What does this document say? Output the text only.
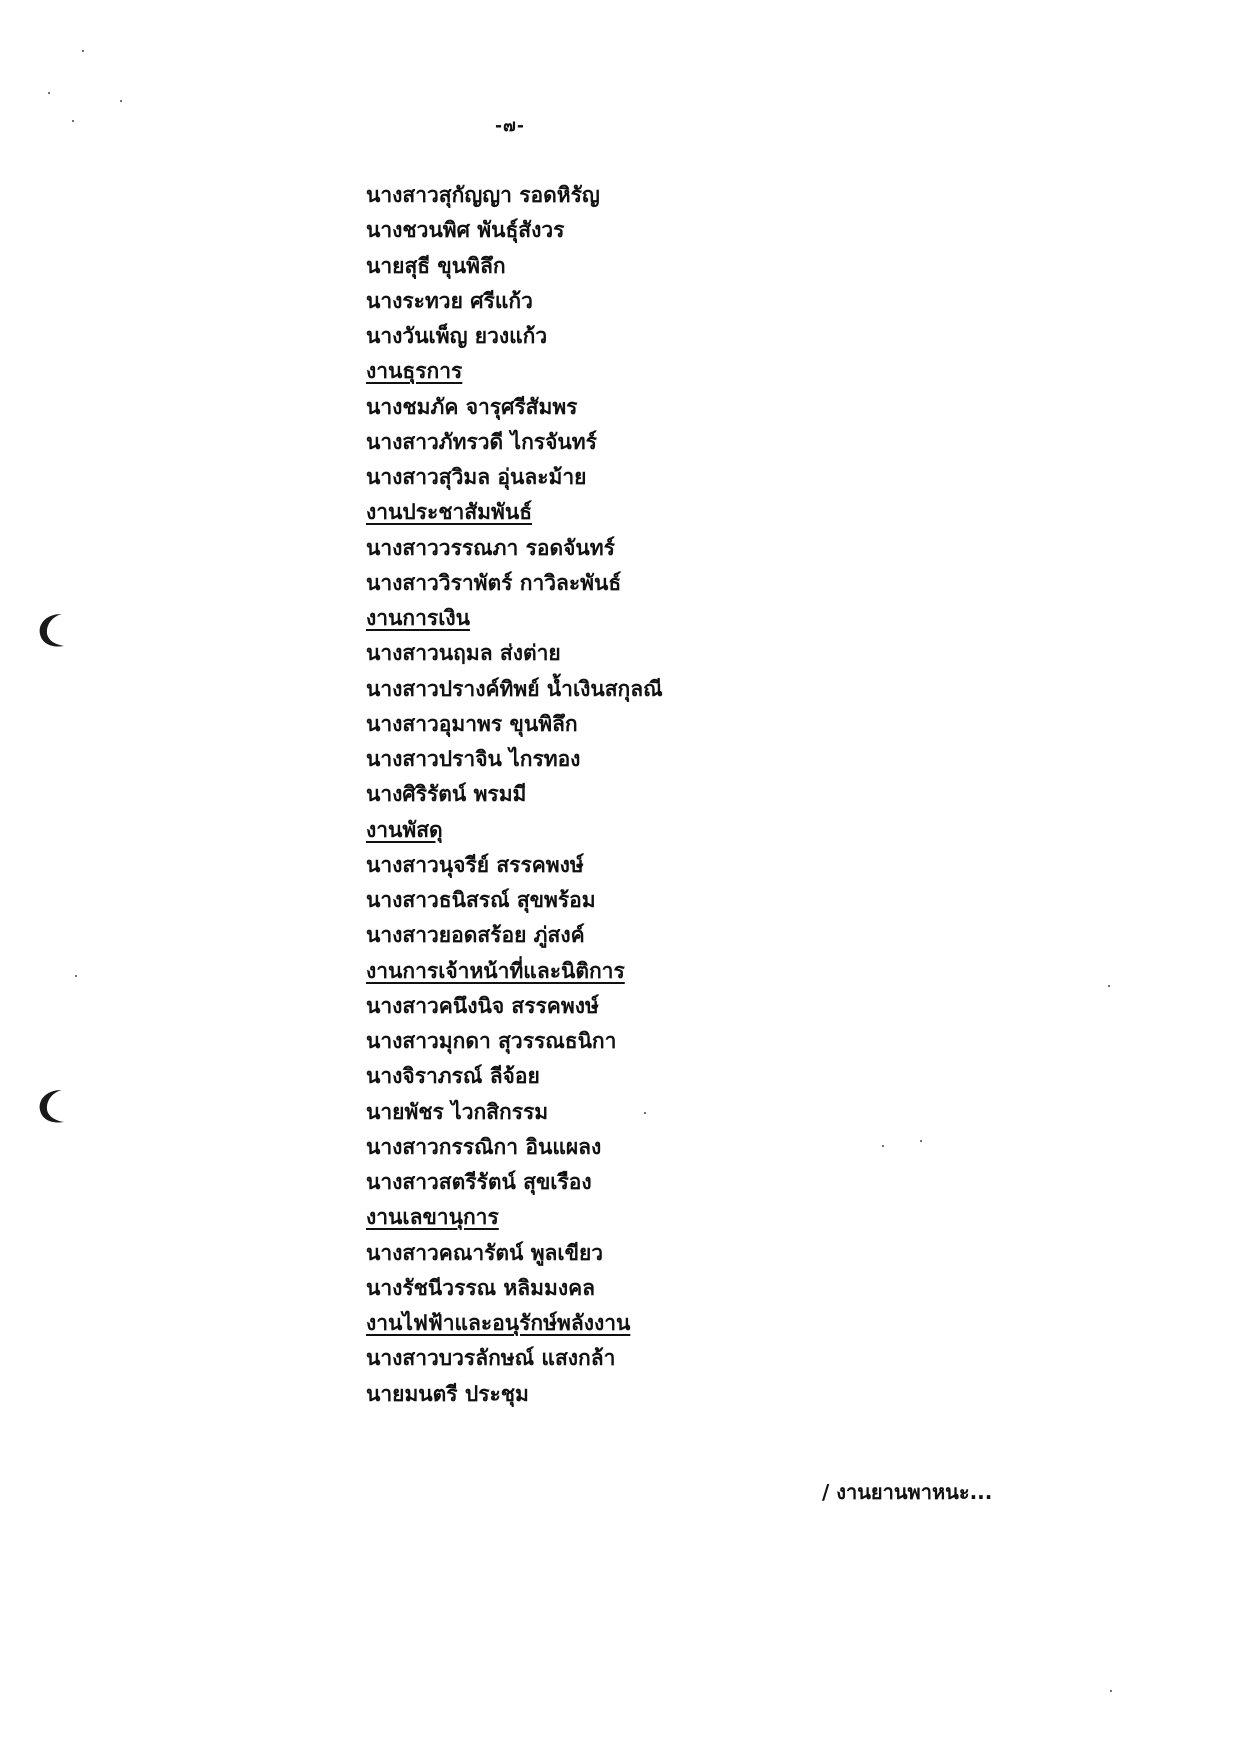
-๗-
นางสาวสุกัญญา รอดหิรัญ
นางชวนพิศ พันธุ์สังวร
นายสุธี ขุนพิลึก
นางระทวย ศรีแก้ว
นางวันเพ็ญ ยวงแก้ว
งานธุรการ
นางชมภัค จารุศรีสัมพร
นางสาวภัทรวดี ไกรจันทร์
นางสาวสุวิมล อุ่นละม้าย
งานประชาสัมพันธ์
นางสาววรรณภา รอดจันทร์
นางสาววิราพัตร์ กาวิละพันธ์
งานการเงิน
นางสาวนฤมล ส่งต่าย
นางสาวปรางค์ทิพย์ น้ำเงินสกุลณี
นางสาวอุมาพร ขุนพิลึก
นางสาวปราจิน ไกรทอง
นางศิริรัตน์ พรมมี
งานพัสดุ
นางสาวนุจรีย์ สรรคพงษ์
นางสาวธนิสรณ์ สุขพร้อม
นางสาวยอดสร้อย ภู่สงค์
งานการเจ้าหน้าที่และนิติการ
นางสาวคนึงนิจ สรรคพงษ์
นางสาวมุกดา สุวรรณธนิกา
นางจิราภรณ์ ลีจ้อย
นายพัชร ไวกสิกรรม
นางสาวกรรณิกา อินแผลง
นางสาวสตรีรัตน์ สุขเรือง
งานเลขานุการ
นางสาวคณารัตน์ พูลเขียว
นางรัชนีวรรณ หลิมมงคล
งานไฟฟ้าและอนุรักษ์พลังงาน
นางสาวบวรลักษณ์ แสงกล้า
นายมนตรี ประชุม
/ งานยานพาหนะ...
